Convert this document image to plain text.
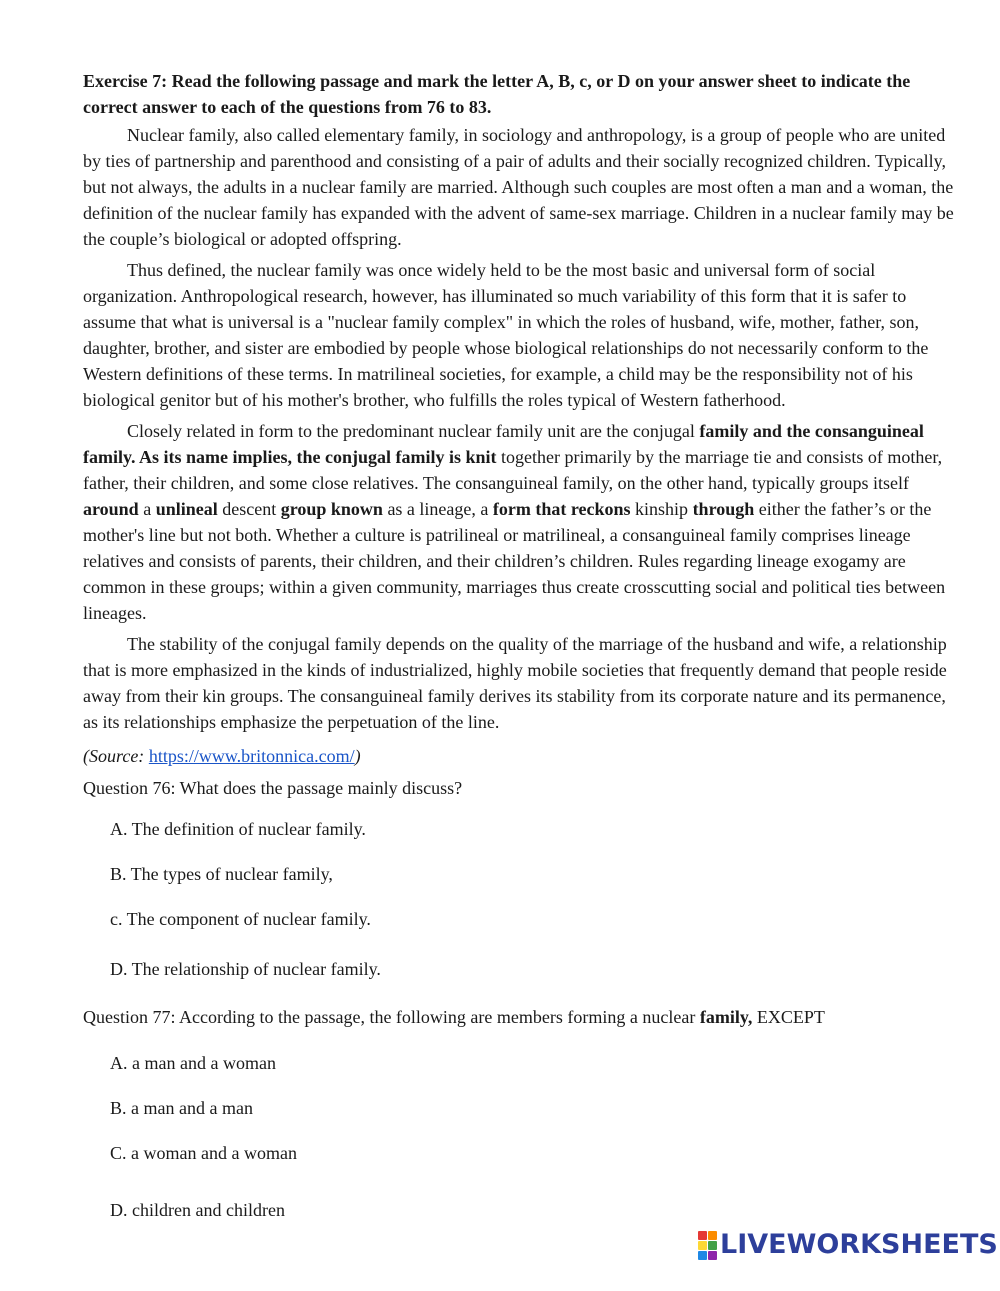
Exercise 7: Read the following passage and mark the letter A, B, c, or D on your answer sheet to indicate the correct answer to each of the questions from 76 to 83.

Nuclear family, also called elementary family, in sociology and anthropology, is a group of people who are united by ties of partnership and parenthood and consisting of a pair of adults and their socially recognized children. Typically, but not always, the adults in a nuclear family are married. Although such couples are most often a man and a woman, the definition of the nuclear family has expanded with the advent of same-sex marriage. Children in a nuclear family may be the couple’s biological or adopted offspring.

Thus defined, the nuclear family was once widely held to be the most basic and universal form of social organization. Anthropological research, however, has illuminated so much variability of this form that it is safer to assume that what is universal is a "nuclear family complex" in which the roles of husband, wife, mother, father, son, daughter, brother, and sister are embodied by people whose biological relationships do not necessarily conform to the Western definitions of these terms. In matrilineal societies, for example, a child may be the responsibility not of his biological genitor but of his mother's brother, who fulfills the roles typical of Western fatherhood.

Closely related in form to the predominant nuclear family unit are the conjugal family and the consanguineal family. As its name implies, the conjugal family is knit together primarily by the marriage tie and consists of mother, father, their children, and some close relatives. The consanguineal family, on the other hand, typically groups itself around a unlineal descent group known as a lineage, a form that reckons kinship through either the father’s or the mother's line but not both. Whether a culture is patrilineal or matrilineal, a consanguineal family comprises lineage relatives and consists of parents, their children, and their children’s children. Rules regarding lineage exogamy are common in these groups; within a given community, marriages thus create crosscutting social and political ties between lineages.

The stability of the conjugal family depends on the quality of the marriage of the husband and wife, a relationship that is more emphasized in the kinds of industrialized, highly mobile societies that frequently demand that people reside away from their kin groups. The consanguineal family derives its stability from its corporate nature and its permanence, as its relationships emphasize the perpetuation of the line.

(Source: https://www.britonnica.com/)

Question 76: What does the passage mainly discuss?

A. The definition of nuclear family.

B. The types of nuclear family,

c. The component of nuclear family.

D. The relationship of nuclear family.

Question 77: According to the passage, the following are members forming a nuclear family, EXCEPT

A. a man and a woman

B. a man and a man

C. a woman and a woman

D. children and children

LIVEWORKSHEETS
